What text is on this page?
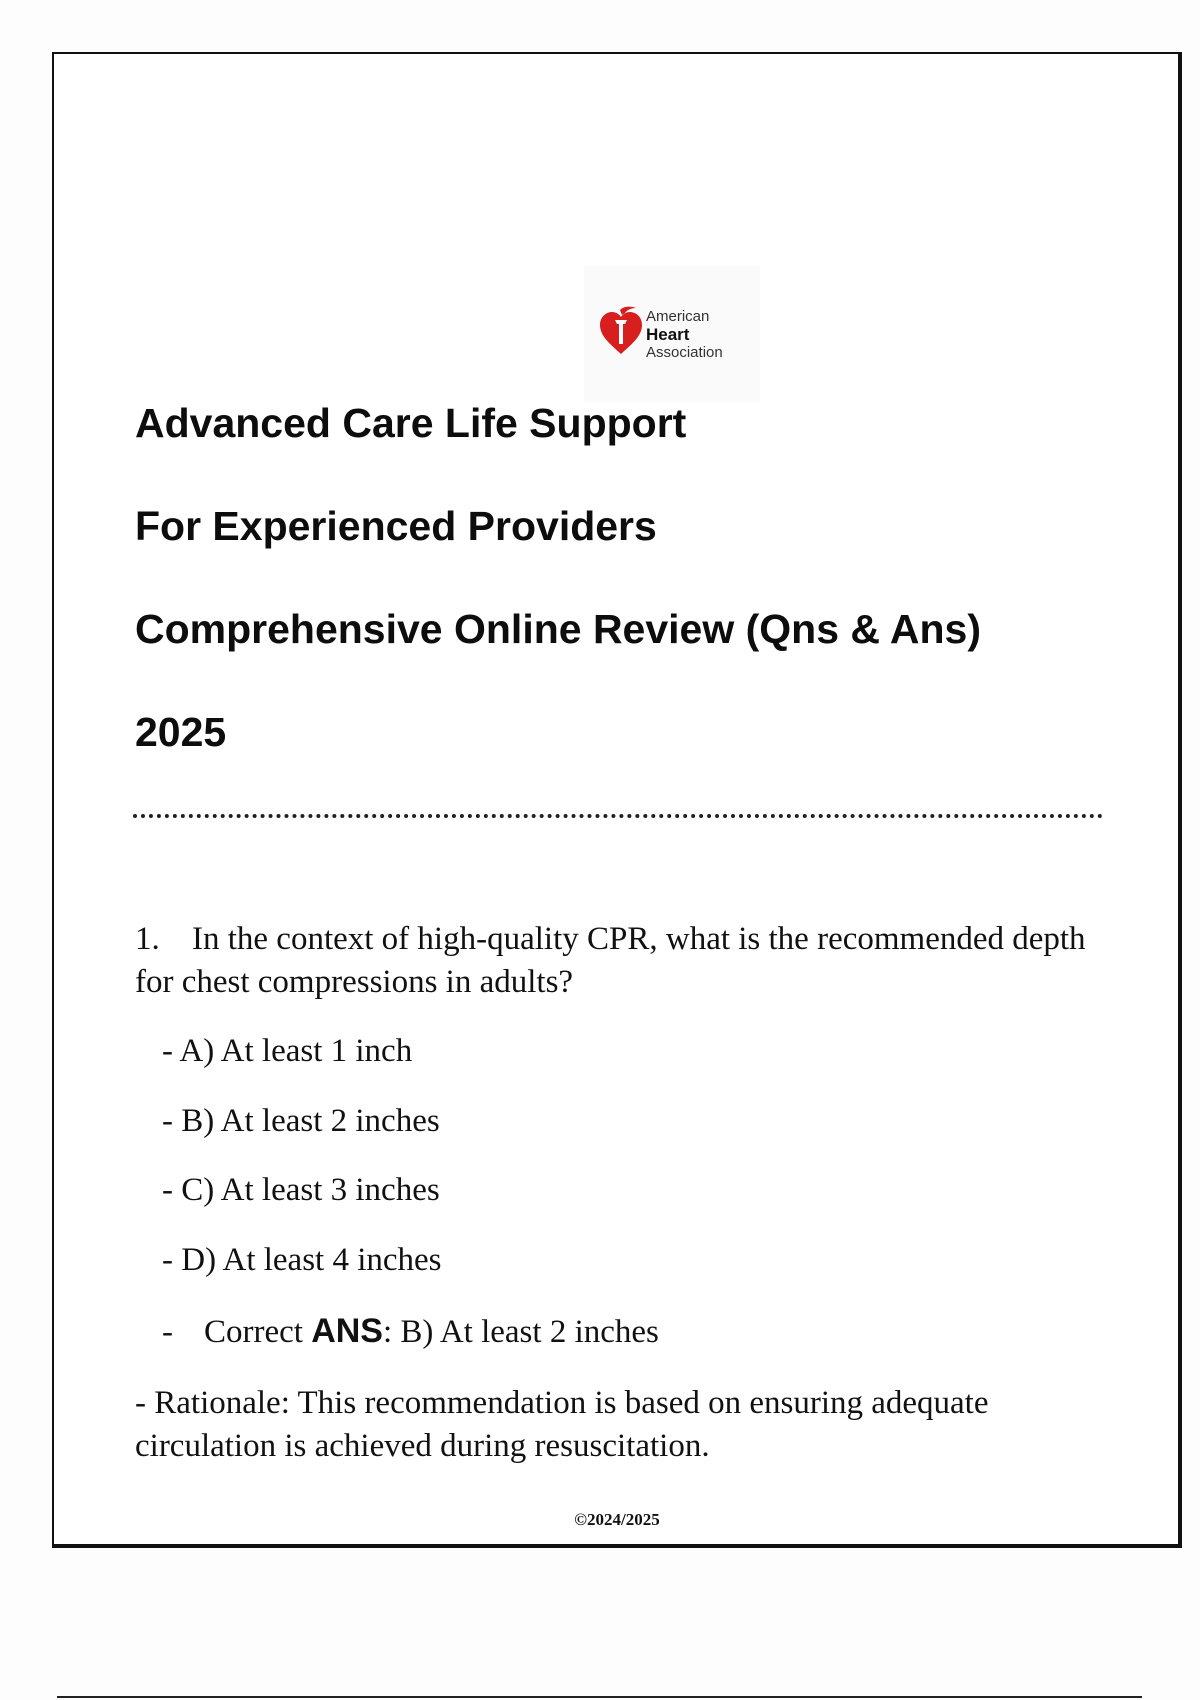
American
Heart
Association
Advanced Care Life Support
For Experienced Providers
Comprehensive Online Review (Qns & Ans)
2025

1. In the context of high-quality CPR, what is the recommended depth for chest compressions in adults?

- A) At least 1 inch

- B) At least 2 inches

- C) At least 3 inches

- D) At least 4 inches

- Correct ANS: B) At least 2 inches

- Rationale: This recommendation is based on ensuring adequate circulation is achieved during resuscitation.

©2024/2025
